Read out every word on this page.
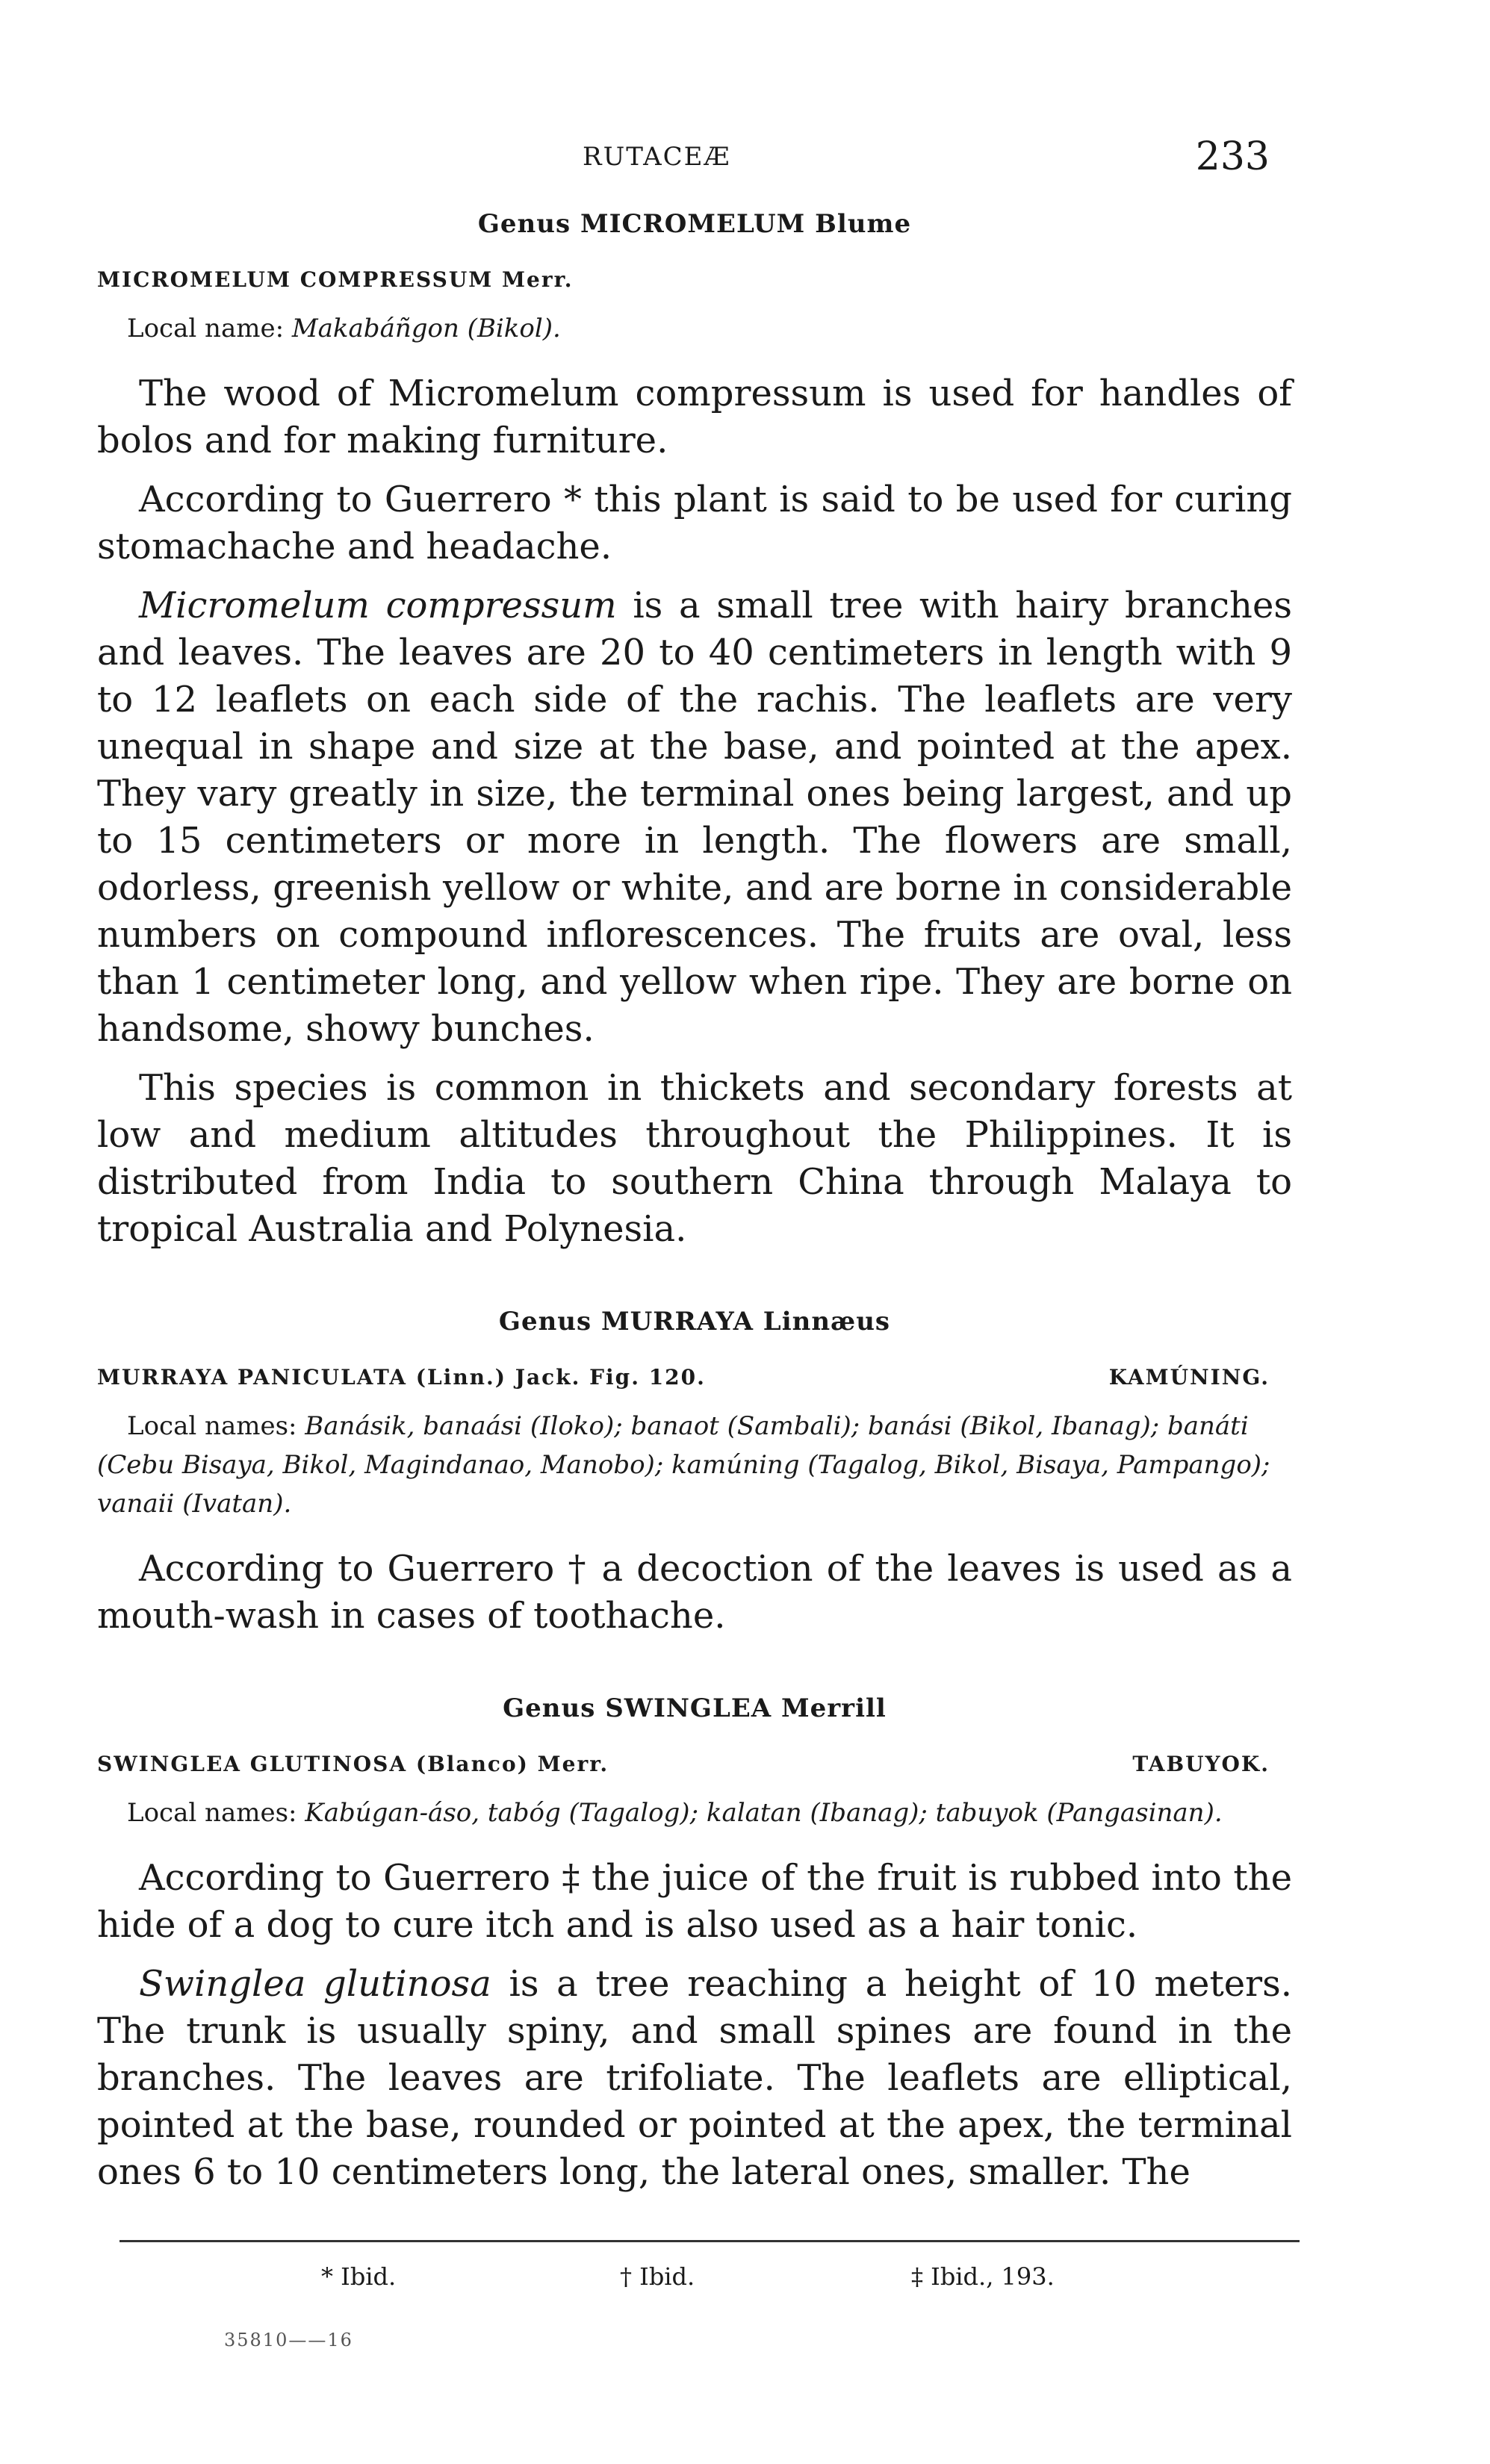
RUTACEÆ	233
Genus MICROMELUM Blume
MICROMELUM COMPRESSUM Merr.
Local name: Makabáñgon (Bikol).

The wood of Micromelum compressum is used for handles of bolos and for making furniture.

According to Guerrero * this plant is said to be used for curing stomachache and headache.

Micromelum compressum is a small tree with hairy branches and leaves. The leaves are 20 to 40 centimeters in length with 9 to 12 leaflets on each side of the rachis. The leaflets are very unequal in shape and size at the base, and pointed at the apex. They vary greatly in size, the terminal ones being largest, and up to 15 centimeters or more in length. The flowers are small, odorless, greenish yellow or white, and are borne in considerable numbers on compound inflorescences. The fruits are oval, less than 1 centimeter long, and yellow when ripe. They are borne on handsome, showy bunches.

This species is common in thickets and secondary forests at low and medium altitudes throughout the Philippines. It is distributed from India to southern China through Malaya to tropical Australia and Polynesia.

Genus MURRAYA Linnæus
MURRAYA PANICULATA (Linn.) Jack. Fig. 120.	KAMÚNING.
Local names: Banásik, banaási (Iloko); banaot (Sambali); banási (Bikol, Ibanag); banáti (Cebu Bisaya, Bikol, Magindanao, Manobo); kamúning (Tagalog, Bikol, Bisaya, Pampango); vanaii (Ivatan).

According to Guerrero † a decoction of the leaves is used as a mouth-wash in cases of toothache.

Genus SWINGLEA Merrill
SWINGLEA GLUTINOSA (Blanco) Merr.	TABUYOK.
Local names: Kabúgan-áso, tabóg (Tagalog); kalatan (Ibanag); tabuyok (Pangasinan).

According to Guerrero ‡ the juice of the fruit is rubbed into the hide of a dog to cure itch and is also used as a hair tonic.

Swinglea glutinosa is a tree reaching a height of 10 meters. The trunk is usually spiny, and small spines are found in the branches. The leaves are trifoliate. The leaflets are elliptical, pointed at the base, rounded or pointed at the apex, the terminal ones 6 to 10 centimeters long, the lateral ones, smaller. The

* Ibid.	† Ibid.	‡ Ibid., 193.
35810——16
